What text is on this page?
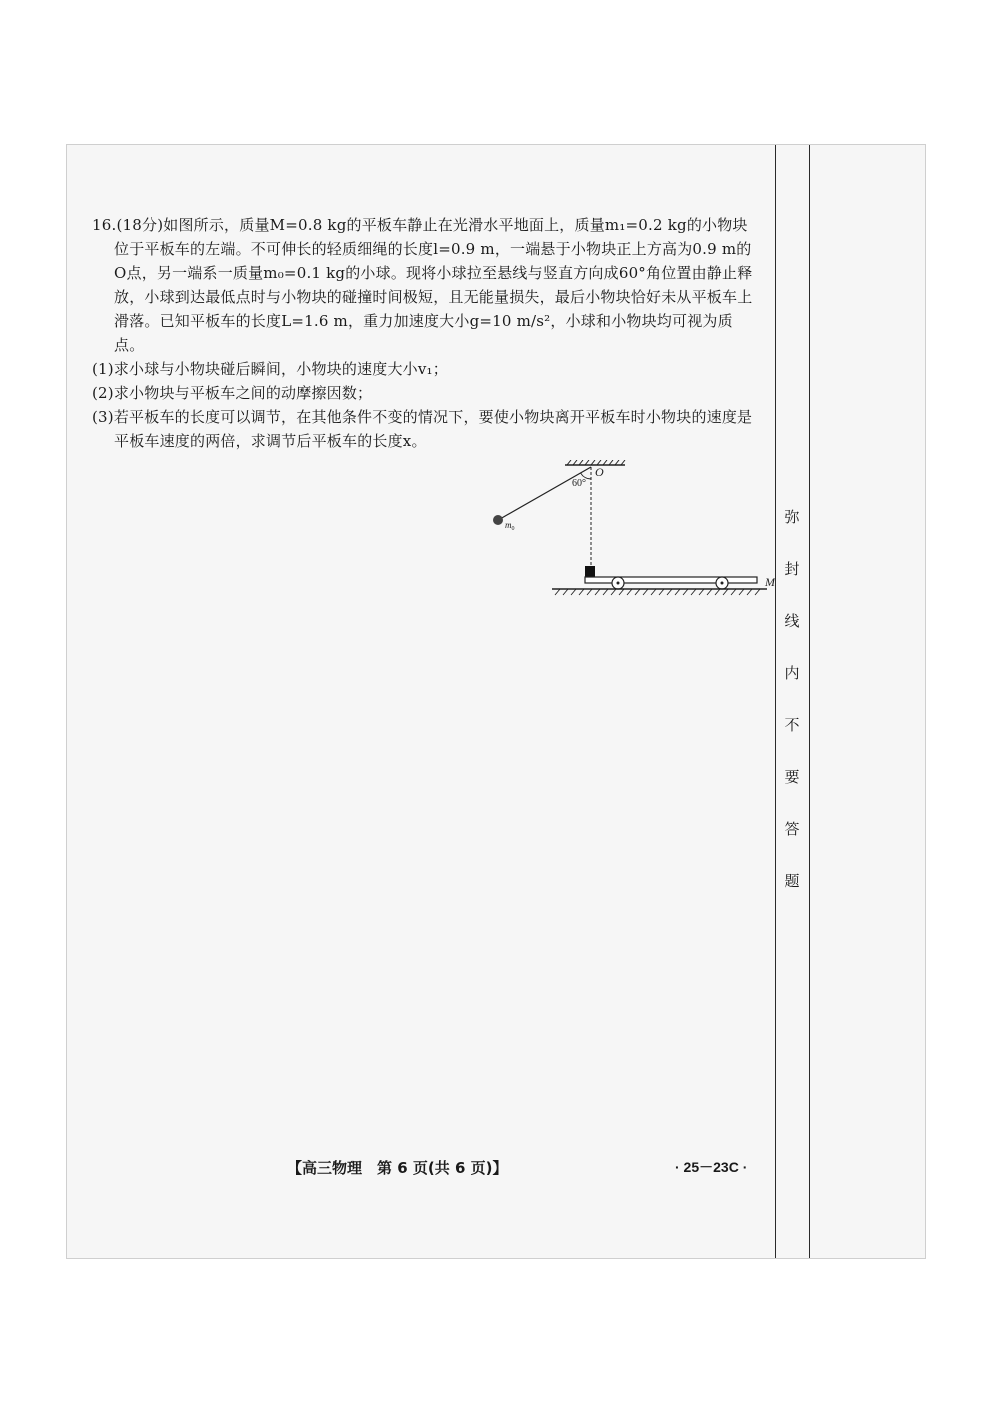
16.(18分)如图所示，质量M=0.8 kg的平板车静止在光滑水平地面上，质量m₁=0.2 kg的小物块位于平板车的左端。不可伸长的轻质细绳的长度l=0.9 m，一端悬于小物块正上方高为0.9 m的O点，另一端系一质量m₀=0.1 kg的小球。现将小球拉至悬线与竖直方向成60°角位置由静止释放，小球到达最低点时与小物块的碰撞时间极短，且无能量损失，最后小物块恰好未从平板车上滑落。已知平板车的长度L=1.6 m，重力加速度大小g=10 m/s²，小球和小物块均可视为质点。

(1)求小球与小物块碰后瞬间，小物块的速度大小v₁；

(2)求小物块与平板车之间的动摩擦因数；

(3)若平板车的长度可以调节，在其他条件不变的情况下，要使小物块离开平板车时小物块的速度是平板车速度的两倍，求调节后平板车的长度x。

60°
O
$m_0$
M
弥
封
线
内
不
要
答
题
【高三物理　第 6 页(共 6 页)】	· 25－23C ·
